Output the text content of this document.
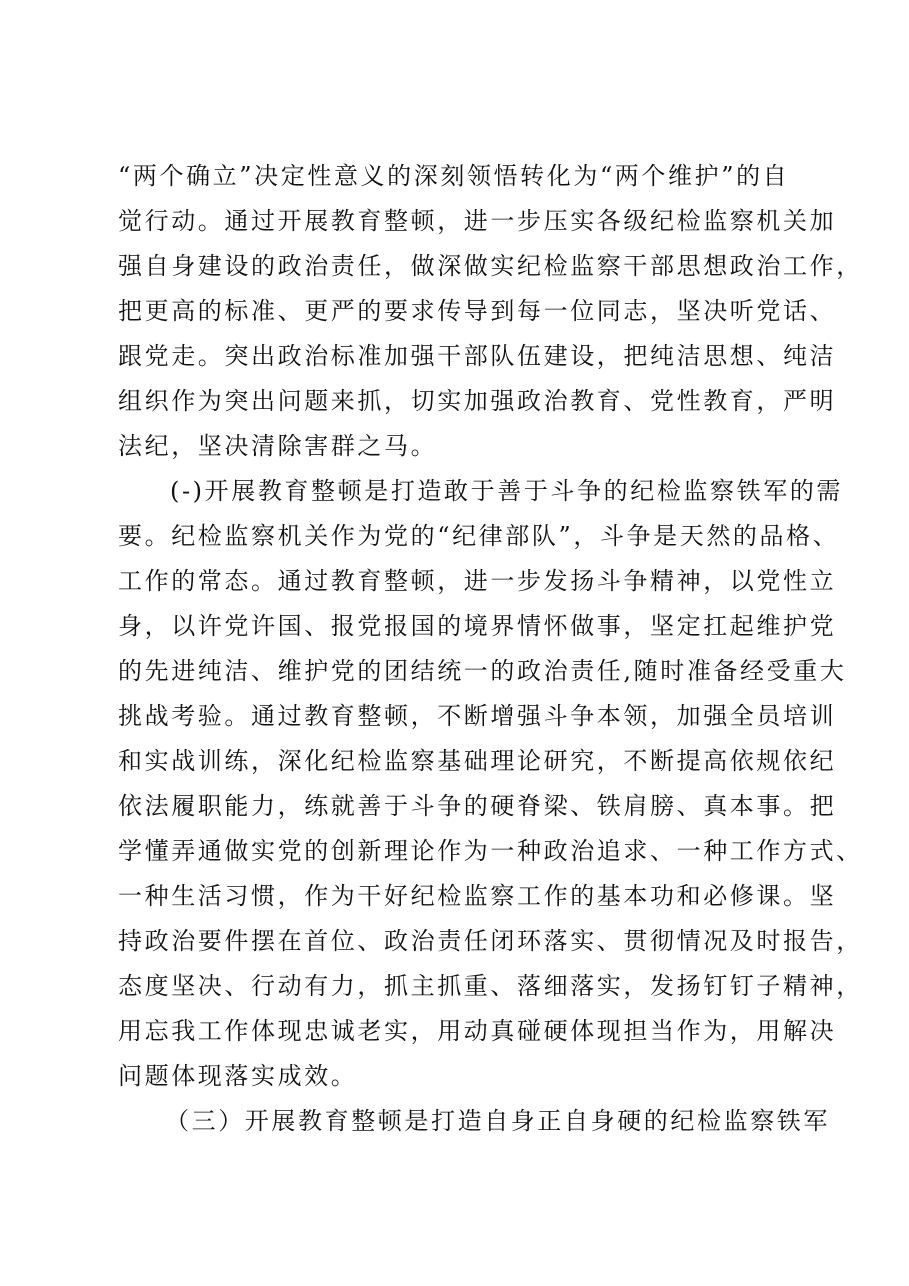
“两个确立”决定性意义的深刻领悟转化为“两个维护”的自
觉行动。通过开展教育整顿，进一步压实各级纪检监察机关加
强自身建设的政治责任，做深做实纪检监察干部思想政治工作，
把更高的标准、更严的要求传导到每一位同志，坚决听党话、
跟党走。突出政治标准加强干部队伍建设，把纯洁思想、纯洁
组织作为突出问题来抓，切实加强政治教育、党性教育，严明
法纪，坚决清除害群之马。
(-)开展教育整顿是打造敢于善于斗争的纪检监察铁军的需
要。纪检监察机关作为党的“纪律部队”，斗争是天然的品格、
工作的常态。通过教育整顿，进一步发扬斗争精神，以党性立
身，以许党许国、报党报国的境界情怀做事，坚定扛起维护党
的先进纯洁、维护党的团结统一的政治责任,随时准备经受重大
挑战考验。通过教育整顿，不断增强斗争本领，加强全员培训
和实战训练，深化纪检监察基础理论研究，不断提高依规依纪
依法履职能力，练就善于斗争的硬脊梁、铁肩膀、真本事。把
学懂弄通做实党的创新理论作为一种政治追求、一种工作方式、
一种生活习惯，作为干好纪检监察工作的基本功和必修课。坚
持政治要件摆在首位、政治责任闭环落实、贯彻情况及时报告，
态度坚决、行动有力，抓主抓重、落细落实，发扬钉钉子精神，
用忘我工作体现忠诚老实，用动真碰硬体现担当作为，用解决
问题体现落实成效。
（三）开展教育整顿是打造自身正自身硬的纪检监察铁军
